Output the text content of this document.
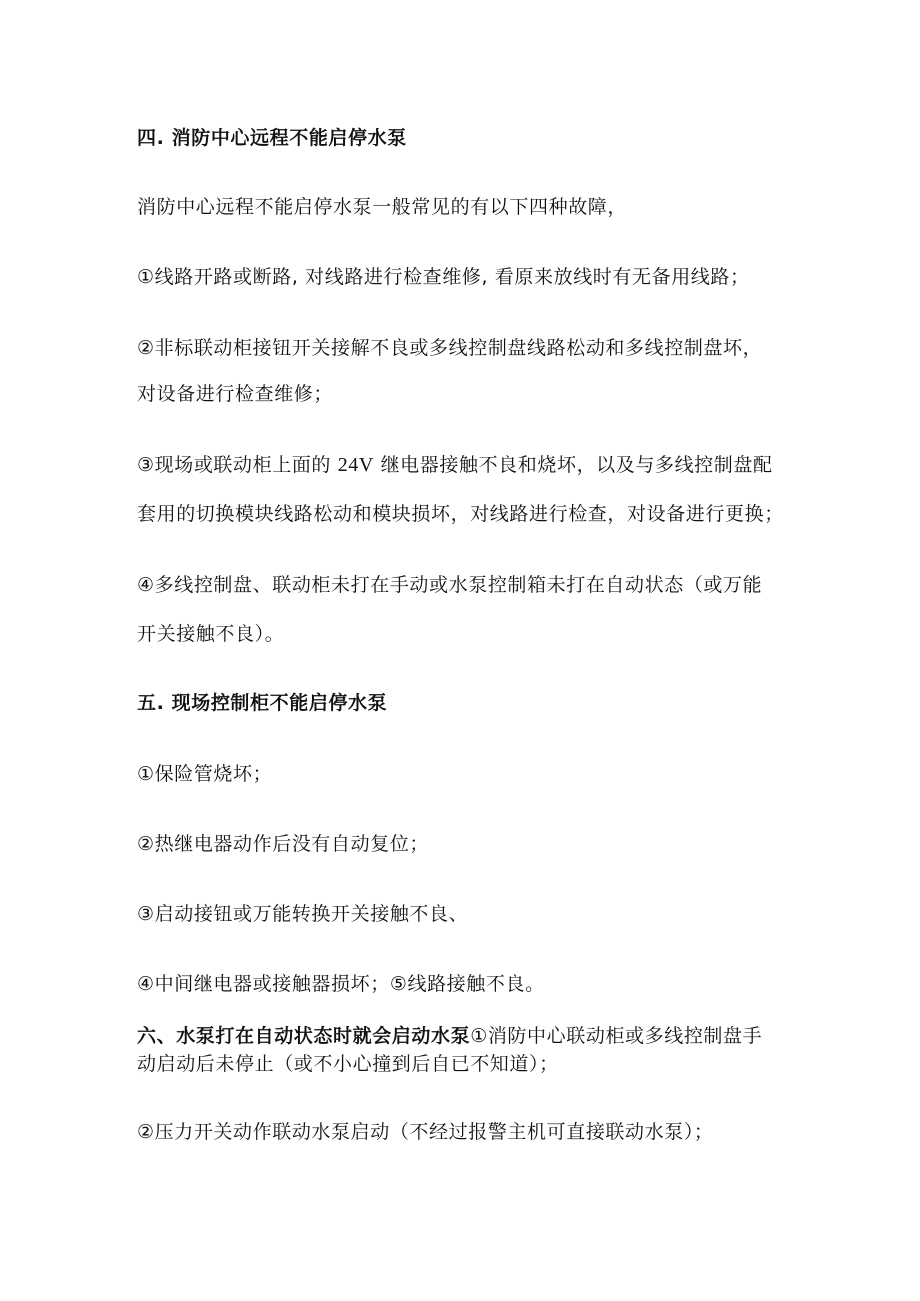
四. 消防中心远程不能启停水泵
消防中心远程不能启停水泵一般常见的有以下四种故障，
①线路开路或断路, 对线路进行检查维修, 看原来放线时有无备用线路；
②非标联动柜接钮开关接解不良或多线控制盘线路松动和多线控制盘坏，
对设备进行检查维修；
③现场或联动柜上面的 24V 继电器接触不良和烧坏，以及与多线控制盘配
套用的切换模块线路松动和模块损坏，对线路进行检查，对设备进行更换；
④多线控制盘、联动柜未打在手动或水泵控制箱未打在自动状态（或万能
开关接触不良）。
五. 现场控制柜不能启停水泵
①保险管烧坏；
②热继电器动作后没有自动复位；
③启动接钮或万能转换开关接触不良、
④中间继电器或接触器损坏；⑤线路接触不良。
六、水泵打在自动状态时就会启动水泵①消防中心联动柜或多线控制盘手
动启动后未停止（或不小心撞到后自已不知道）；
②压力开关动作联动水泵启动（不经过报警主机可直接联动水泵）；
